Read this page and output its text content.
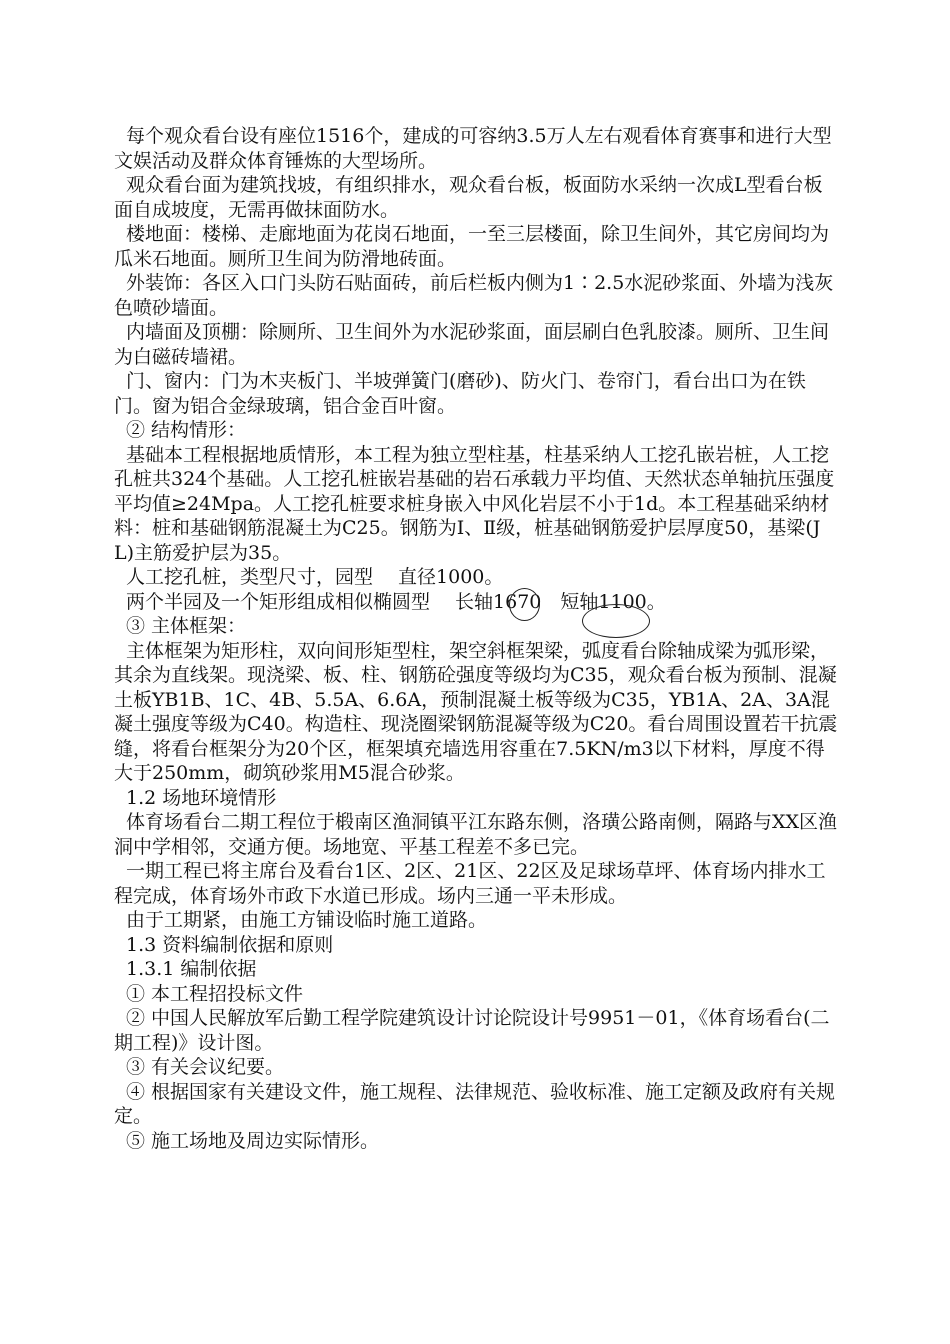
每个观众看台设有座位1516个，建成的可容纳3.5万人左右观看体育赛事和进行大型文娱活动及群众体育锤炼的大型场所。

观众看台面为建筑找坡，有组织排水，观众看台板，板面防水采纳一次成L型看台板面自成坡度，无需再做抹面防水。

楼地面：楼梯、走廊地面为花岗石地面，一至三层楼面，除卫生间外，其它房间均为瓜米石地面。厕所卫生间为防滑地砖面。

外装饰：各区入口门头防石贴面砖，前后栏板内侧为1∶2.5水泥砂浆面、外墙为浅灰色喷砂墙面。

内墙面及顶棚：除厕所、卫生间外为水泥砂浆面，面层刷白色乳胶漆。厕所、卫生间为白磁砖墙裙。

门、窗内：门为木夹板门、半坡弹簧门(磨砂)、防火门、卷帘门，看台出口为在铁门。窗为铝合金绿玻璃，铝合金百叶窗。

② 结构情形：

基础本工程根据地质情形，本工程为独立型柱基，柱基采纳人工挖孔嵌岩桩，人工挖孔桩共324个基础。人工挖孔桩嵌岩基础的岩石承载力平均值、天然状态单轴抗压强度平均值≥24Mpa。人工挖孔桩要求桩身嵌入中风化岩层不小于1d。本工程基础采纳材料：桩和基础钢筋混凝土为C25。钢筋为Ⅰ、Ⅱ级，桩基础钢筋爱护层厚度50，基梁(JL)主筋爱护层为35。

人工挖孔桩，类型尺寸，园型　 直径1000。

两个半园及一个矩形组成相似椭圆型　 长轴1670　短轴1100。

③ 主体框架：

主体框架为矩形柱，双向间形矩型柱，架空斜框架梁，弧度看台除轴成梁为弧形梁，其余为直线架。现浇梁、板、柱、钢筋砼强度等级均为C35，观众看台板为预制、混凝土板YB1B、1C、4B、5.5A、6.6A，预制混凝土板等级为C35，YB1A、2A、3A混凝土强度等级为C40。构造柱、现浇圈梁钢筋混凝等级为C20。看台周围设置若干抗震缝，将看台框架分为20个区，框架填充墙选用容重在7.5KN/m3以下材料，厚度不得大于250mm，砌筑砂浆用M5混合砂浆。

1.2 场地环境情形

体育场看台二期工程位于椴南区渔洞镇平江东路东侧，洛璜公路南侧，隔路与XX区渔洞中学相邻，交通方便。场地宽、平基工程差不多已完。

一期工程已将主席台及看台1区、2区、21区、22区及足球场草坪、体育场内排水工程完成，体育场外市政下水道已形成。场内三通一平未形成。

由于工期紧，由施工方铺设临时施工道路。

1.3 资料编制依据和原则

1.3.1 编制依据

① 本工程招投标文件

② 中国人民解放军后勤工程学院建筑设计讨论院设计号9951－01，《体育场看台(二期工程)》设计图。

③ 有关会议纪要。

④ 根据国家有关建设文件，施工规程、法律规范、验收标准、施工定额及政府有关规定。

⑤ 施工场地及周边实际情形。
